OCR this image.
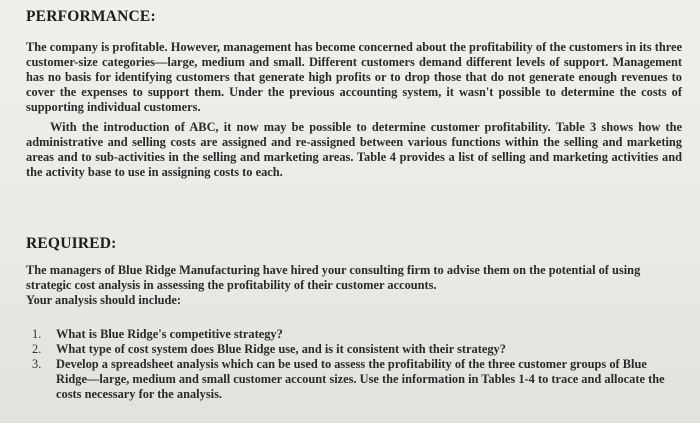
PERFORMANCE:

The company is profitable. However, management has become concerned about the profitability of the customers in its three customer-size categories—large, medium and small. Different customers demand different levels of support. Management has no basis for identifying customers that generate high profits or to drop those that do not generate enough revenues to cover the expenses to support them. Under the previous accounting system, it wasn't possible to determine the costs of supporting individual customers.

With the introduction of ABC, it now may be possible to determine customer profitability. Table 3 shows how the administrative and selling costs are assigned and re-assigned between various functions within the selling and marketing areas and to sub-activities in the selling and marketing areas. Table 4 provides a list of selling and marketing activities and the activity base to use in assigning costs to each.

REQUIRED:

The managers of Blue Ridge Manufacturing have hired your consulting firm to advise them on the potential of using strategic cost analysis in assessing the profitability of their customer accounts.

Your analysis should include:

1. What is Blue Ridge's competitive strategy?
2. What type of cost system does Blue Ridge use, and is it consistent with their strategy?
3. Develop a spreadsheet analysis which can be used to assess the profitability of the three customer groups of Blue Ridge—large, medium and small customer account sizes. Use the information in Tables 1-4 to trace and allocate the costs necessary for the analysis.
